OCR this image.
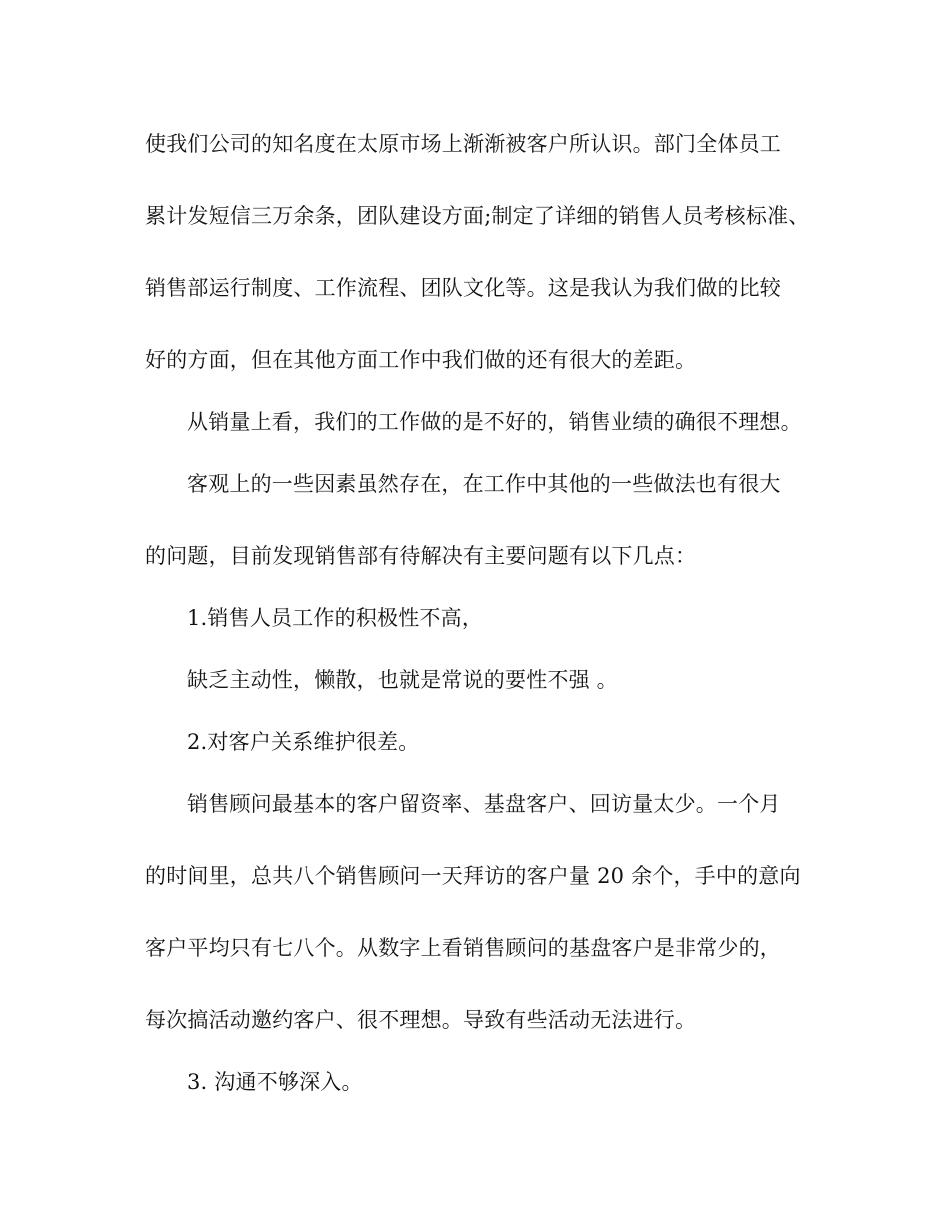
使我们公司的知名度在太原市场上渐渐被客户所认识。部门全体员工
累计发短信三万余条，团队建设方面;制定了详细的销售人员考核标准、
销售部运行制度、工作流程、团队文化等。这是我认为我们做的比较
好的方面，但在其他方面工作中我们做的还有很大的差距。
从销量上看，我们的工作做的是不好的，销售业绩的确很不理想。
客观上的一些因素虽然存在，在工作中其他的一些做法也有很大
的问题，目前发现销售部有待解决有主要问题有以下几点：
1.销售人员工作的积极性不高，
缺乏主动性，懒散，也就是常说的要性不强 。
2.对客户关系维护很差。
销售顾问最基本的客户留资率、基盘客户、回访量太少。一个月
的时间里，总共八个销售顾问一天拜访的客户量 20 余个，手中的意向
客户平均只有七八个。从数字上看销售顾问的基盘客户是非常少的，
每次搞活动邀约客户、很不理想。导致有些活动无法进行。
3. 沟通不够深入。
